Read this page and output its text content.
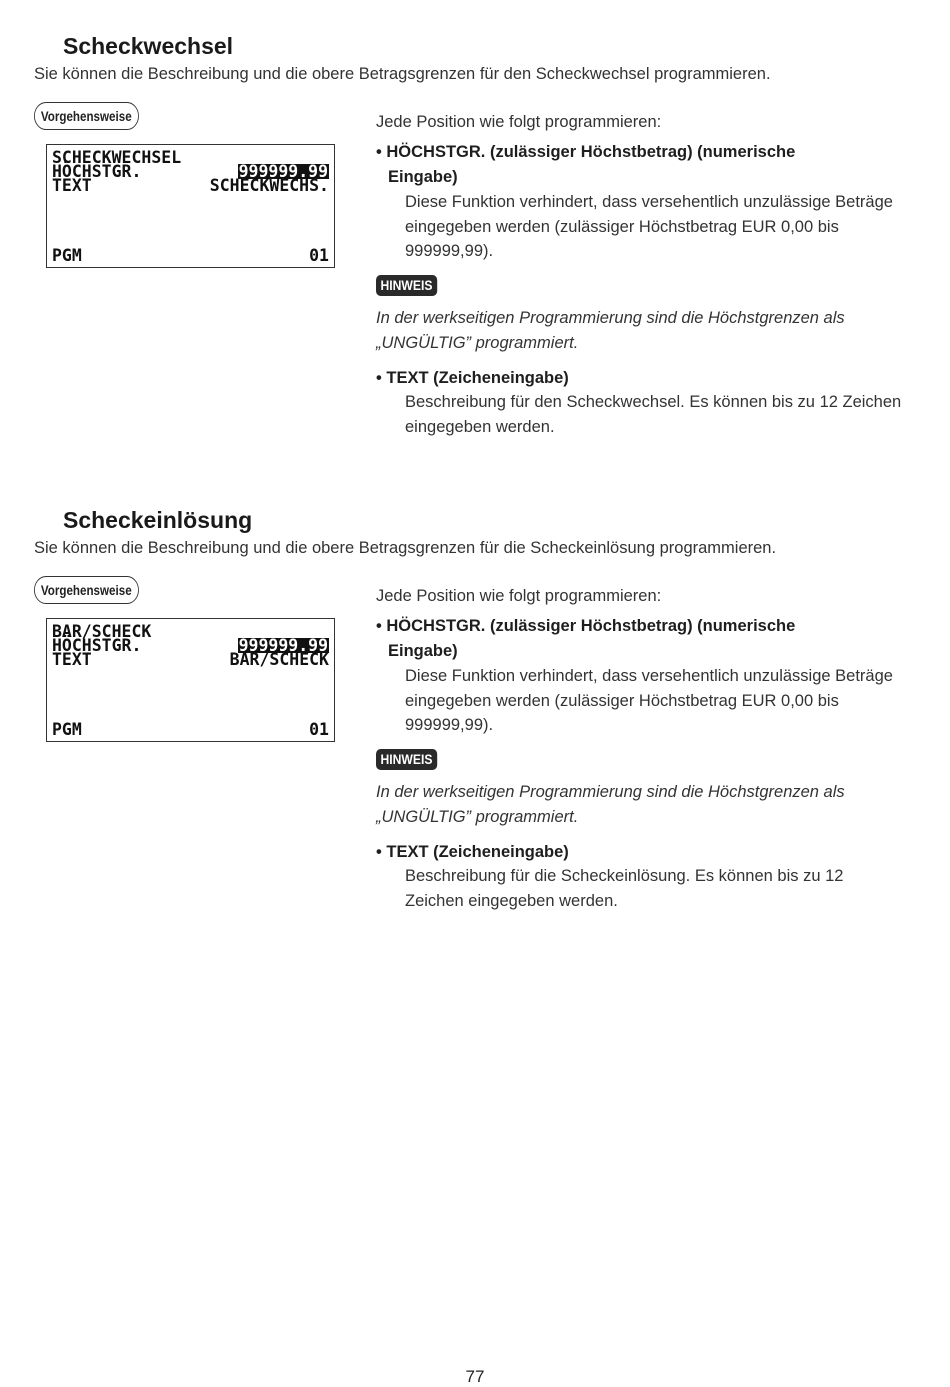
Scheckwechsel
Sie können die Beschreibung und die obere Betragsgrenzen für den Scheckwechsel programmieren.
Vorgehensweise
SCHECKWECHSEL
HÖCHSTGR.	999999.99
TEXT	SCHECKWECHS.
PGM	01
Jede Position wie folgt programmieren:
• HÖCHSTGR. (zulässiger Höchstbetrag) (numerische
Eingabe)
Diese Funktion verhindert, dass versehentlich unzulässige Beträge eingegeben werden (zulässiger Höchstbetrag EUR 0,00 bis 999999,99).
HINWEIS
In der werkseitigen Programmierung sind die Höchstgrenzen als „UNGÜLTIG” programmiert.
• TEXT (Zeicheneingabe)
Beschreibung für den Scheckwechsel. Es können bis zu 12 Zeichen eingegeben werden.
Scheckeinlösung
Sie können die Beschreibung und die obere Betragsgrenzen für die Scheckeinlösung programmieren.
Vorgehensweise
BAR/SCHECK
HÖCHSTGR.	999999.99
TEXT	BAR/SCHECK
PGM	01
Jede Position wie folgt programmieren:
• HÖCHSTGR. (zulässiger Höchstbetrag) (numerische
Eingabe)
Diese Funktion verhindert, dass versehentlich unzulässige Beträge eingegeben werden (zulässiger Höchstbetrag EUR 0,00 bis 999999,99).
HINWEIS
In der werkseitigen Programmierung sind die Höchstgrenzen als „UNGÜLTIG” programmiert.
• TEXT (Zeicheneingabe)
Beschreibung für die Scheckeinlösung. Es können bis zu 12 Zeichen eingegeben werden.
77
